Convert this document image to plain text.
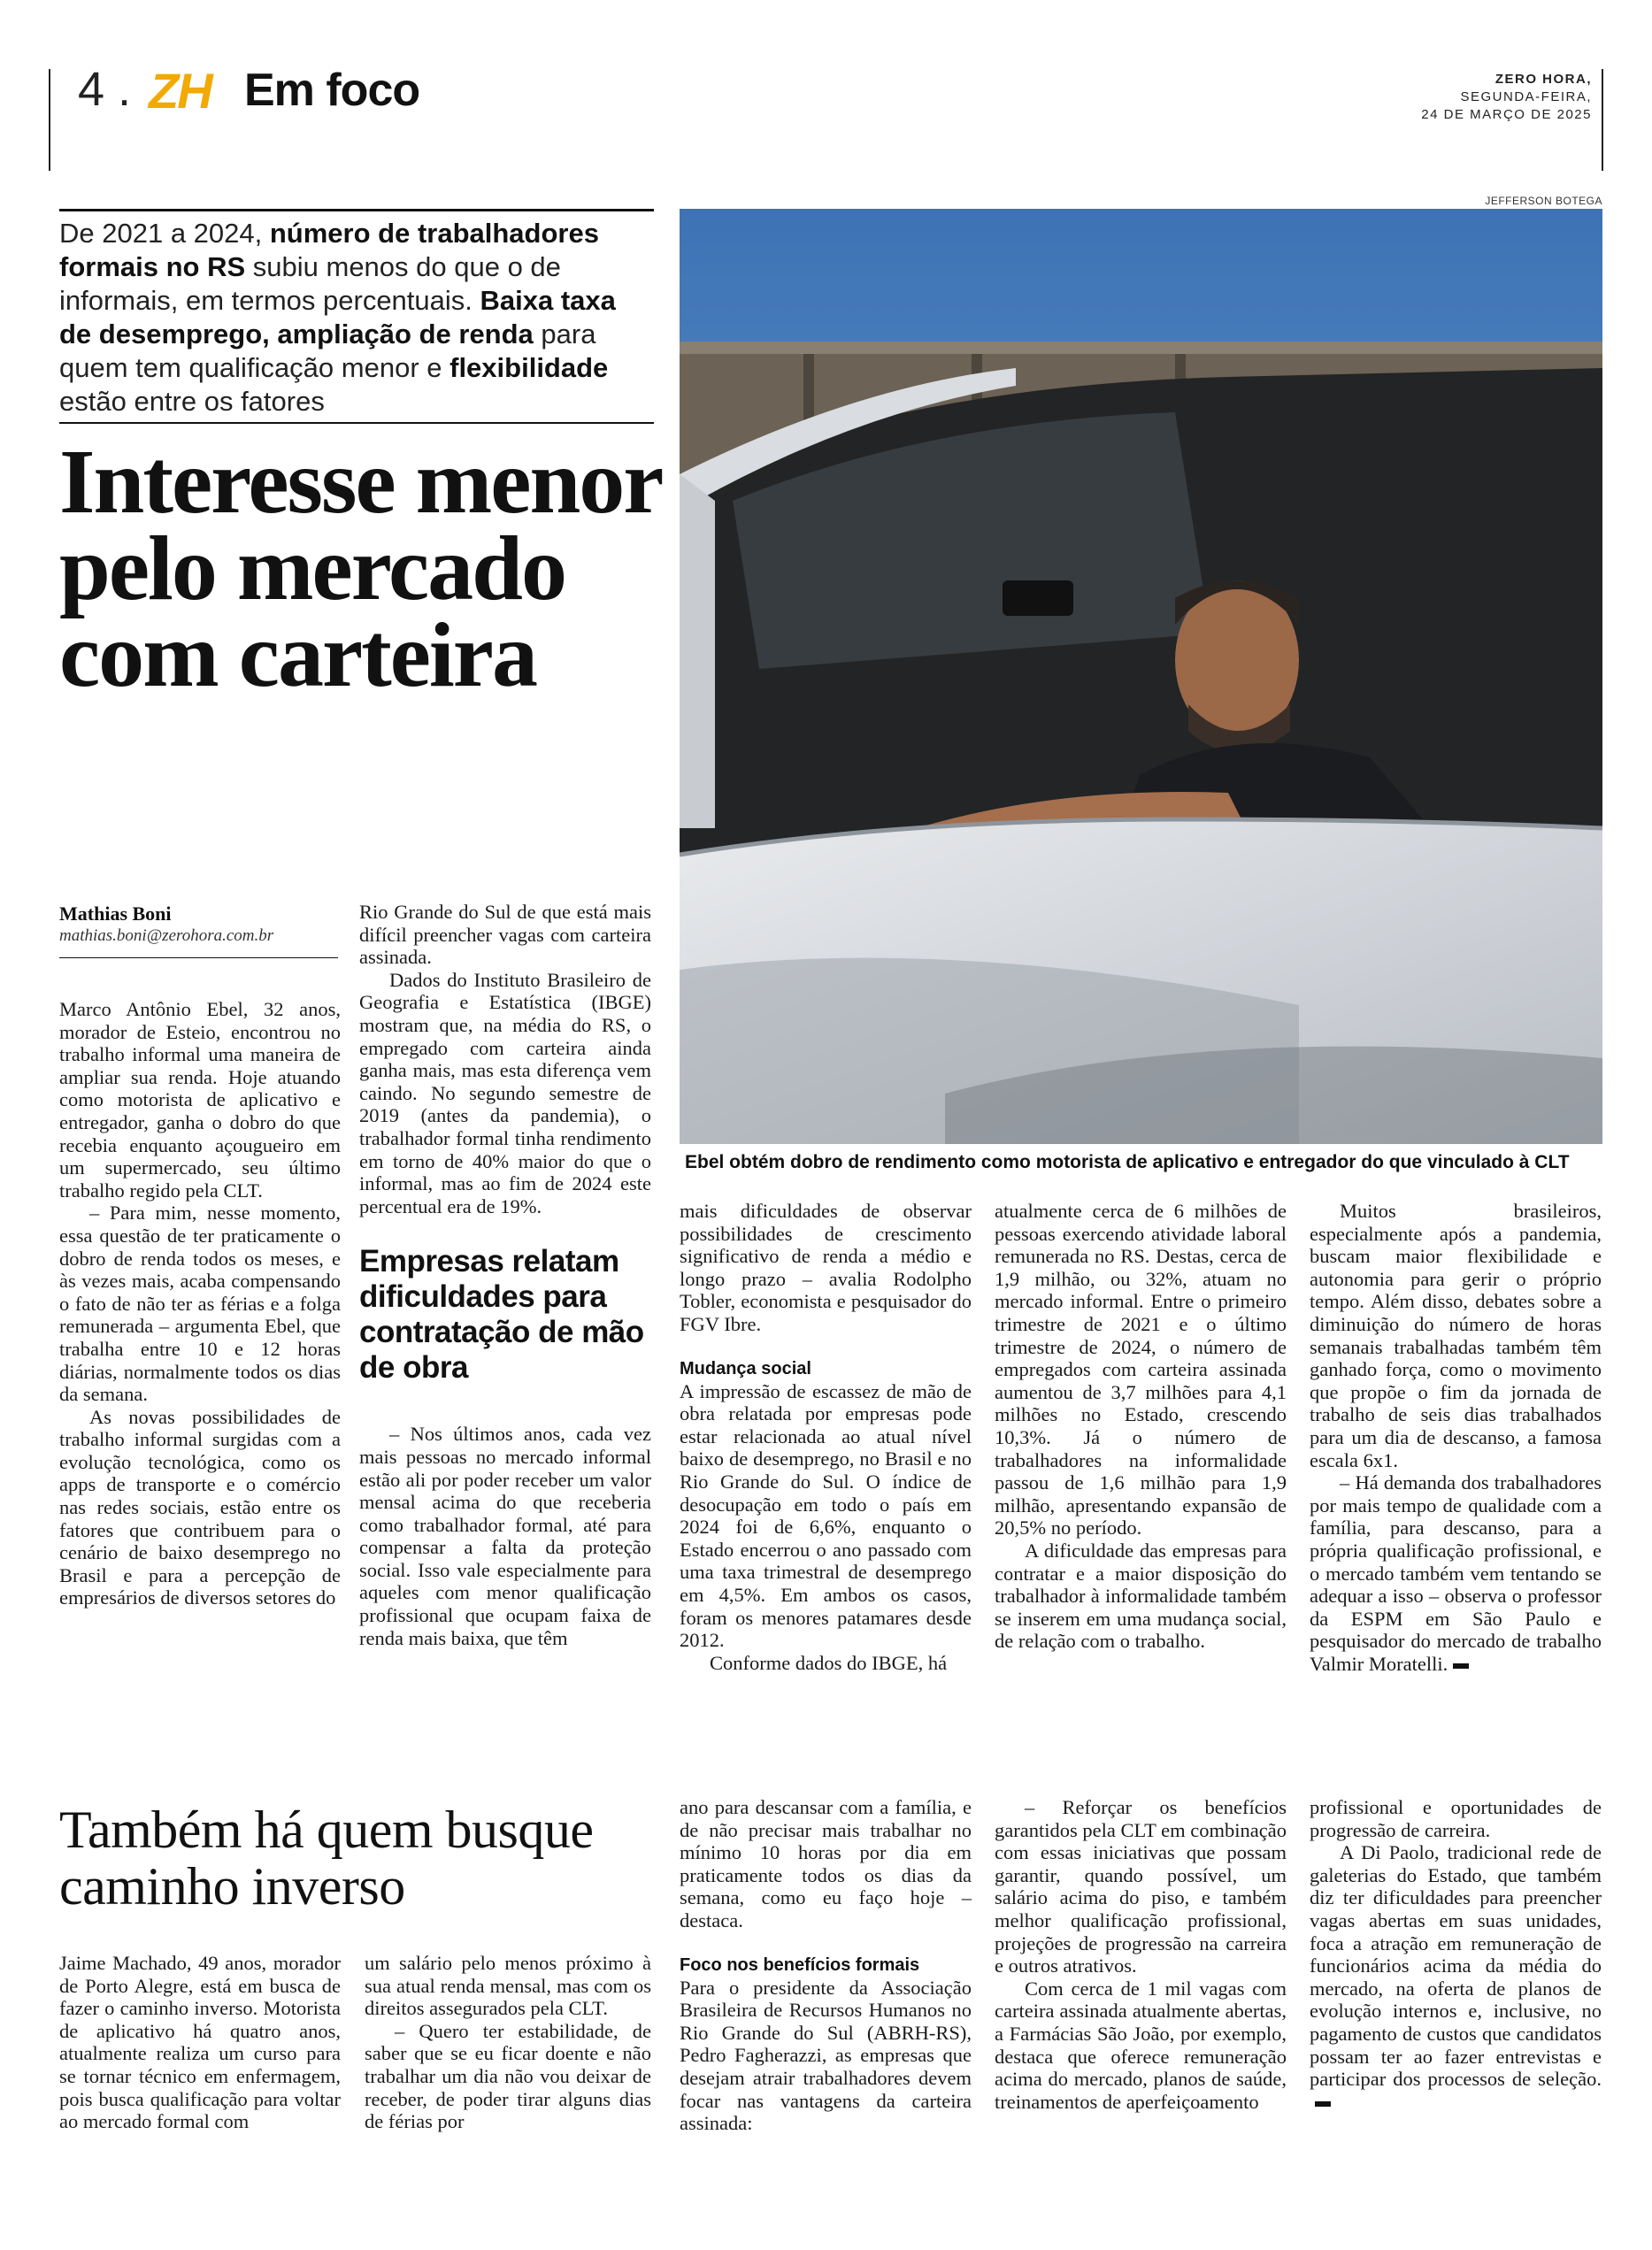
4 . ZH Em foco	ZERO HORA,
SEGUNDA-FEIRA,
24 DE MARÇO DE 2025
De 2021 a 2024, número de trabalhadores formais no RS subiu menos do que o de informais, em termos percentuais. Baixa taxa de desemprego, ampliação de renda para quem tem qualificação menor e flexibilidade estão entre os fatores
Interesse menor pelo mercado com carteira
JEFFERSON BOTEGA
Ebel obtém dobro de rendimento como motorista de aplicativo e entregador do que vinculado à CLT
Mathias Boni
mathias.boni@zerohora.com.br

Marco Antônio Ebel, 32 anos, morador de Esteio, encontrou no trabalho informal uma maneira de ampliar sua renda. Hoje atuando como motorista de aplicativo e entregador, ganha o dobro do que recebia enquanto açougueiro em um supermercado, seu último trabalho regido pela CLT.

– Para mim, nesse momento, essa questão de ter praticamente o dobro de renda todos os meses, e às vezes mais, acaba compensando o fato de não ter as férias e a folga remunerada – argumenta Ebel, que trabalha entre 10 e 12 horas diárias, normalmente todos os dias da semana.

As novas possibilidades de trabalho informal surgidas com a evolução tecnológica, como os apps de transporte e o comércio nas redes sociais, estão entre os fatores que contribuem para o cenário de baixo desemprego no Brasil e para a percepção de empresários de diversos setores do

Rio Grande do Sul de que está mais difícil preencher vagas com carteira assinada.

Dados do Instituto Brasileiro de Geografia e Estatística (IBGE) mostram que, na média do RS, o empregado com carteira ainda ganha mais, mas esta diferença vem caindo. No segundo semestre de 2019 (antes da pandemia), o trabalhador formal tinha rendimento em torno de 40% maior do que o informal, mas ao fim de 2024 este percentual era de 19%.

Empresas relatam dificuldades para contratação de mão de obra

– Nos últimos anos, cada vez mais pessoas no mercado informal estão ali por poder receber um valor mensal acima do que receberia como trabalhador formal, até para compensar a falta da proteção social. Isso vale especialmente para aqueles com menor qualificação profissional que ocupam faixa de renda mais baixa, que têm

mais dificuldades de observar possibilidades de crescimento significativo de renda a médio e longo prazo – avalia Rodolpho Tobler, economista e pesquisador do FGV Ibre.

Mudança social

A impressão de escassez de mão de obra relatada por empresas pode estar relacionada ao atual nível baixo de desemprego, no Brasil e no Rio Grande do Sul. O índice de desocupação em todo o país em 2024 foi de 6,6%, enquanto o Estado encerrou o ano passado com uma taxa trimestral de desemprego em 4,5%. Em ambos os casos, foram os menores patamares desde 2012.

Conforme dados do IBGE, há

atualmente cerca de 6 milhões de pessoas exercendo atividade laboral remunerada no RS. Destas, cerca de 1,9 milhão, ou 32%, atuam no mercado informal. Entre o primeiro trimestre de 2021 e o último trimestre de 2024, o número de empregados com carteira assinada aumentou de 3,7 milhões para 4,1 milhões no Estado, crescendo 10,3%. Já o número de trabalhadores na informalidade passou de 1,6 milhão para 1,9 milhão, apresentando expansão de 20,5% no período.

A dificuldade das empresas para contratar e a maior disposição do trabalhador à informalidade também se inserem em uma mudança social, de relação com o trabalho.

Muitos brasileiros, especialmente após a pandemia, buscam maior flexibilidade e autonomia para gerir o próprio tempo. Além disso, debates sobre a diminuição do número de horas semanais trabalhadas também têm ganhado força, como o movimento que propõe o fim da jornada de trabalho de seis dias trabalhados para um dia de descanso, a famosa escala 6x1.

– Há demanda dos trabalhadores por mais tempo de qualidade com a família, para descanso, para a própria qualificação profissional, e o mercado também vem tentando se adequar a isso – observa o professor da ESPM em São Paulo e pesquisador do mercado de trabalho Valmir Moratelli.

Também há quem busque caminho inverso

Jaime Machado, 49 anos, morador de Porto Alegre, está em busca de fazer o caminho inverso. Motorista de aplicativo há quatro anos, atualmente realiza um curso para se tornar técnico em enfermagem, pois busca qualificação para voltar ao mercado formal com

um salário pelo menos próximo à sua atual renda mensal, mas com os direitos assegurados pela CLT.

– Quero ter estabilidade, de saber que se eu ficar doente e não trabalhar um dia não vou deixar de receber, de poder tirar alguns dias de férias por

ano para descansar com a família, e de não precisar mais trabalhar no mínimo 10 horas por dia em praticamente todos os dias da semana, como eu faço hoje – destaca.

Foco nos benefícios formais

Para o presidente da Associação Brasileira de Recursos Humanos no Rio Grande do Sul (ABRH-RS), Pedro Fagherazzi, as empresas que desejam atrair trabalhadores devem focar nas vantagens da carteira assinada:

– Reforçar os benefícios garantidos pela CLT em combinação com essas iniciativas que possam garantir, quando possível, um salário acima do piso, e também melhor qualificação profissional, projeções de progressão na carreira e outros atrativos.

Com cerca de 1 mil vagas com carteira assinada atualmente abertas, a Farmácias São João, por exemplo, destaca que oferece remuneração acima do mercado, planos de saúde, treinamentos de aperfeiçoamento

profissional e oportunidades de progressão de carreira.

A Di Paolo, tradicional rede de galeterias do Estado, que também diz ter dificuldades para preencher vagas abertas em suas unidades, foca a atração em remuneração de funcionários acima da média do mercado, na oferta de planos de evolução internos e, inclusive, no pagamento de custos que candidatos possam ter ao fazer entrevistas e participar dos processos de seleção.
